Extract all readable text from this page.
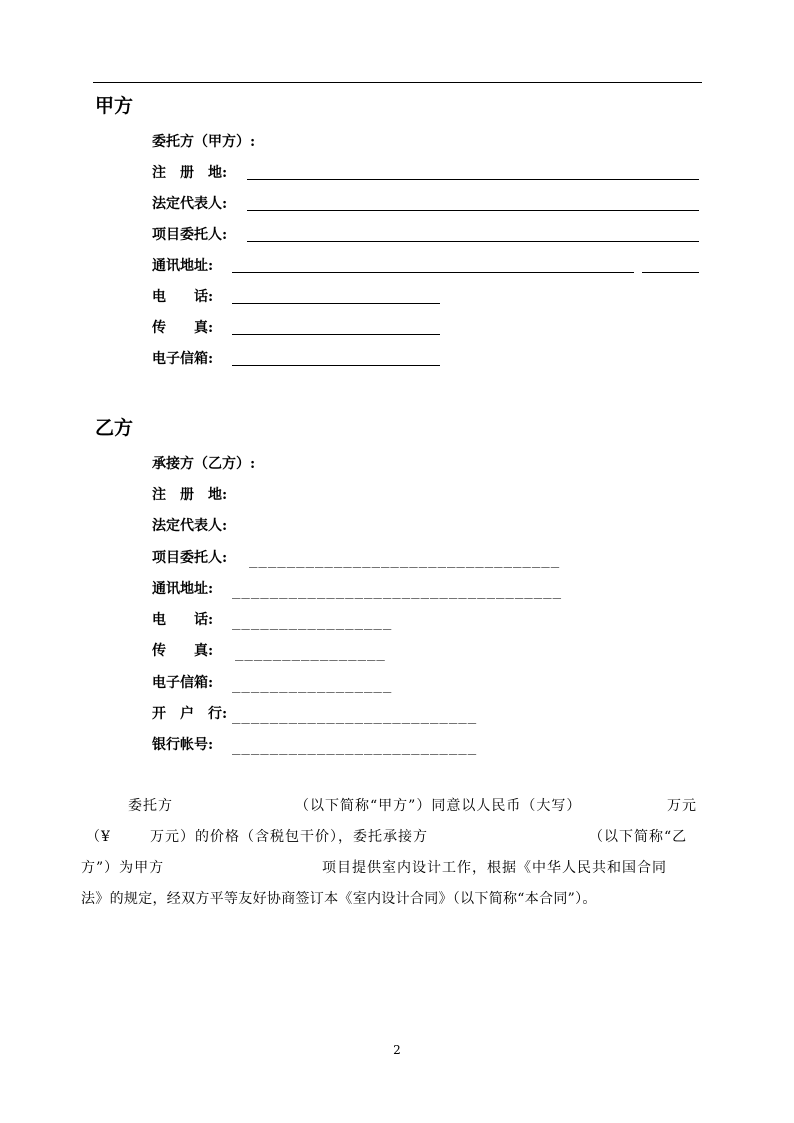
甲方
委托方（甲方）:
注　册　地:
法定代表人:
项目委托人:
通讯地址:
电　　话:
传　　真:
电子信箱:
乙方
承接方（乙方）:
注　册　地:
法定代表人:
项目委托人: _________________________________
通讯地址: ___________________________________
电　　话: _________________
传　　真: ________________
电子信箱: _________________
开　户　行: __________________________
银行帐号: __________________________
委托方	（以下简称“甲方”）同意以人民币（大写）	万元
（¥	万元）的价格（含税包干价），委托承接方	（以下简称“乙
方”）为甲方	项目提供室内设计工作，根据《中华人民共和国合同
法》的规定，经双方平等友好协商签订本《室内设计合同》（以下简称“本合同”）。
2
